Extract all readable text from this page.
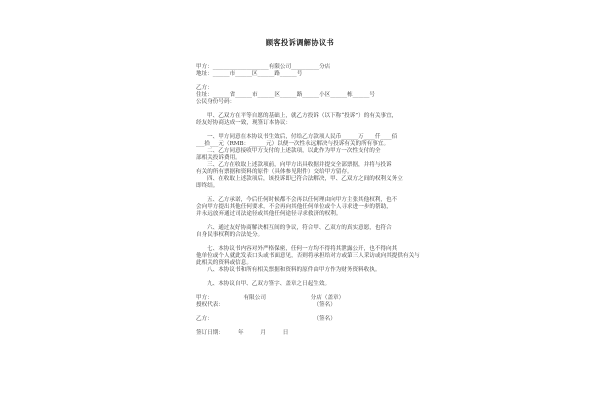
顾客投诉调解协议书
甲方：____________________有限公司__________分店
地址：______市______区______路______号
乙方：
住址：______省______市______区______路______小区______栋______号
公民身份号码：
甲、乙双方在平等自愿的基础上，就乙方投诉（以下称“投诉”）的有关事宜，
经友好协商达成一致，现签订本协议：
一、甲方同意在本协议书生效后，付给乙方款项人民币______万____仟____佰
___拾___元（RMB：______元）以便一次性永远解决与投诉有关的所有事宜。
二、乙方同意接收甲方支付的上述款项，以此作为甲方一次性支付的全
部相关投诉费用。
三、乙方在收取上述款项前，向甲方出具收据并提交全部票据，并将与投诉
有关的所有票据和资料的原件（具体参见附件）交给甲方留存。
四、在收取上述款项后，该投诉即已符合法解决，甲、乙双方之间的权利义务立
即终结。
五、乙方承诺，今后任何时候都不会再以任何理由向甲方主张其他权利，也不
会向甲方提出其他任何要求，不会再向其他任何单位或个人寻求进一步的帮助，
并永远放弃通过司法途径或其他任何途径寻求救济的权利。
六、通过友好协商解决相互间的争议，符合甲、乙双方的真实意愿，也符合
自身民事权利的合法处分。
七、本协议书内容对外严格保密，任何一方均不得将其泄露公开，也不得向其
他单位或个人就此发表口头或书面意见，否则将承担给对方或第三人采访或向其提供有关与
此相关的资料或信息。
八、本协议书和所有相关票据和资料的原件由甲方作为财务资料收执。
九、本协议自甲、乙双方签字、盖章之日起生效。
甲方：　　　　　　有限公司　　　　　　　　分店（盖章）
授权代表：　　　　　　　　　　　　　　　　　（签名）
乙方：　　　　　　　　　　　　　　　　　　　（签名）
签订日期：　　　年　　　月　　　日
